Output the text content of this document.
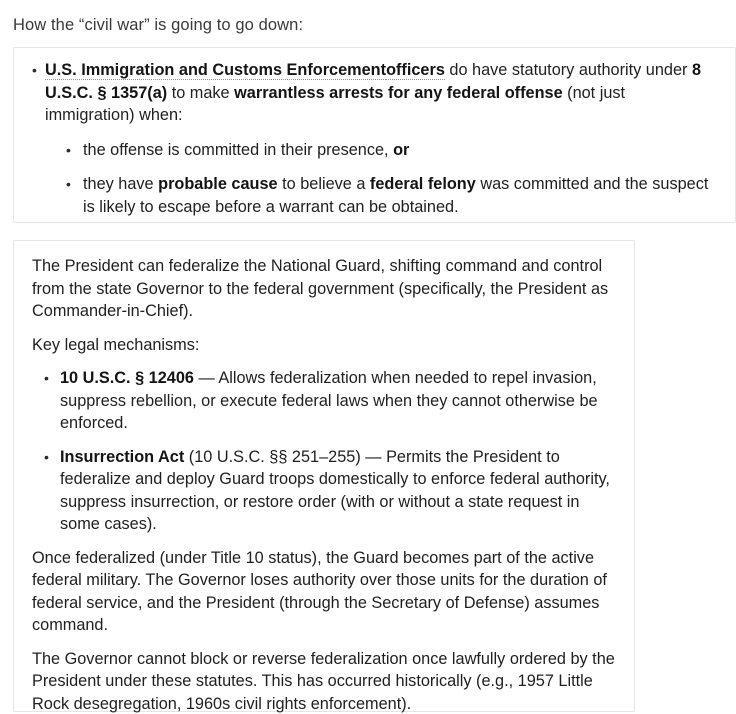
How the “civil war” is going to go down:
• U.S. Immigration and Customs Enforcementofficers do have statutory authority under 8 U.S.C. § 1357(a) to make warrantless arrests for any federal offense (not just immigration) when:
• the offense is committed in their presence, or
• they have probable cause to believe a federal felony was committed and the suspect is likely to escape before a warrant can be obtained.

The President can federalize the National Guard, shifting command and control from the state Governor to the federal government (specifically, the President as Commander-in-Chief).

Key legal mechanisms:

• 10 U.S.C. § 12406 — Allows federalization when needed to repel invasion, suppress rebellion, or execute federal laws when they cannot otherwise be enforced.
• Insurrection Act (10 U.S.C. §§ 251–255) — Permits the President to federalize and deploy Guard troops domestically to enforce federal authority, suppress insurrection, or restore order (with or without a state request in some cases).

Once federalized (under Title 10 status), the Guard becomes part of the active federal military. The Governor loses authority over those units for the duration of federal service, and the President (through the Secretary of Defense) assumes command.

The Governor cannot block or reverse federalization once lawfully ordered by the President under these statutes. This has occurred historically (e.g., 1957 Little Rock desegregation, 1960s civil rights enforcement).
